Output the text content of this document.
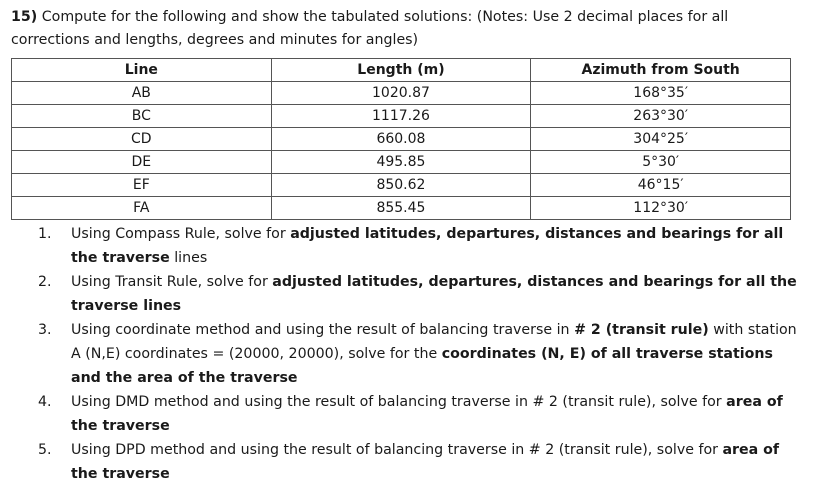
15) Compute for the following and show the tabulated solutions: (Notes: Use 2 decimal places for all corrections and lengths, degrees and minutes for angles)
Line	Length (m)	Azimuth from South
AB	1020.87	168°35′
BC	1117.26	263°30′
CD	660.08	304°25′
DE	495.85	5°30′
EF	850.62	46°15′
FA	855.45	112°30′
1. Using Compass Rule, solve for adjusted latitudes, departures, distances and bearings for all the traverse lines
2. Using Transit Rule, solve for adjusted latitudes, departures, distances and bearings for all the traverse lines
3. Using coordinate method and using the result of balancing traverse in # 2 (transit rule) with station A (N,E) coordinates = (20000, 20000), solve for the coordinates (N, E) of all traverse stations and the area of the traverse
4. Using DMD method and using the result of balancing traverse in # 2 (transit rule), solve for area of the traverse
5. Using DPD method and using the result of balancing traverse in # 2 (transit rule), solve for area of the traverse
